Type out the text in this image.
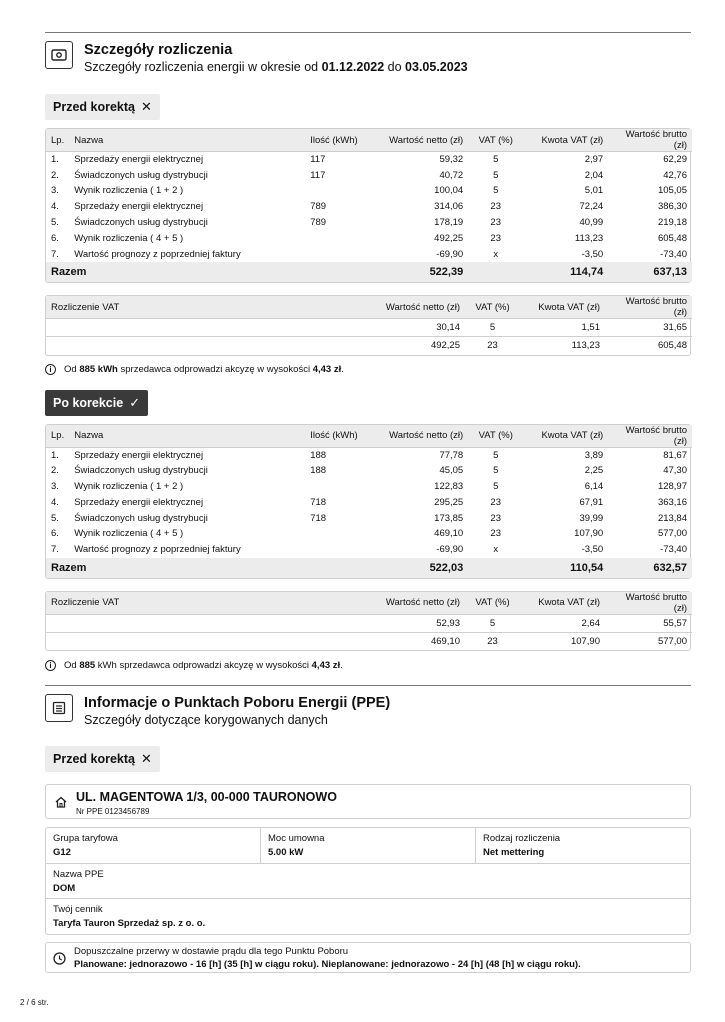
Szczegóły rozliczenia
Szczegóły rozliczenia energii w okresie od 01.12.2022 do 03.05.2023
Przed korektą ✕
Lp.	Nazwa	Ilość (kWh)	Wartość netto (zł)	VAT (%)	Kwota VAT (zł)	Wartość brutto (zł)
1.	Sprzedaży energii elektrycznej	117	59,32	5	2,97	62,29
2.	Świadczonych usług dystrybucji	117	40,72	5	2,04	42,76
3.	Wynik rozliczenia ( 1 + 2 )		100,04	5	5,01	105,05
4.	Sprzedaży energii elektrycznej	789	314,06	23	72,24	386,30
5.	Świadczonych usług dystrybucji	789	178,19	23	40,99	219,18
6.	Wynik rozliczenia ( 4 + 5 )		492,25	23	113,23	605,48
7.	Wartość prognozy z poprzedniej faktury		-69,90	x	-3,50	-73,40
Razem			522,39		114,74	637,13
Rozliczenie VAT	Wartość netto (zł)	VAT (%)	Kwota VAT (zł)	Wartość brutto (zł)
	30,14	5	1,51	31,65
	492,25	23	113,23	605,48
i	Od 885 kWh sprzedawca odprowadzi akcyzę w wysokości 4,43 zł.
Po korekcie ✓
Lp.	Nazwa	Ilość (kWh)	Wartość netto (zł)	VAT (%)	Kwota VAT (zł)	Wartość brutto (zł)
1.	Sprzedaży energii elektrycznej	188	77,78	5	3,89	81,67
2.	Świadczonych usług dystrybucji	188	45,05	5	2,25	47,30
3.	Wynik rozliczenia ( 1 + 2 )		122,83	5	6,14	128,97
4.	Sprzedaży energii elektrycznej	718	295,25	23	67,91	363,16
5.	Świadczonych usług dystrybucji	718	173,85	23	39,99	213,84
6.	Wynik rozliczenia ( 4 + 5 )		469,10	23	107,90	577,00
7.	Wartość prognozy z poprzedniej faktury		-69,90	x	-3,50	-73,40
Razem			522,03		110,54	632,57
Rozliczenie VAT	Wartość netto (zł)	VAT (%)	Kwota VAT (zł)	Wartość brutto (zł)
	52,93	5	2,64	55,57
	469,10	23	107,90	577,00
i	Od 885 kWh sprzedawca odprowadzi akcyzę w wysokości 4,43 zł.
Informacje o Punktach Poboru Energii (PPE)
Szczegóły dotyczące korygowanych danych
Przed korektą ✕
UL. MAGENTOWA 1/3, 00-000 TAURONOWO
Nr PPE 0123456789
Grupa taryfowa
G12
Moc umowna
5.00 kW
Rodzaj rozliczenia
Net mettering
Nazwa PPE
DOM
Twój cennik
Taryfa Tauron Sprzedaż sp. z o. o.
Dopuszczalne przerwy w dostawie prądu dla tego Punktu Poboru
Planowane: jednorazowo - 16 [h] (35 [h] w ciągu roku). Nieplanowane: jednorazowo - 24 [h] (48 [h] w ciągu roku).
2 / 6 str.
